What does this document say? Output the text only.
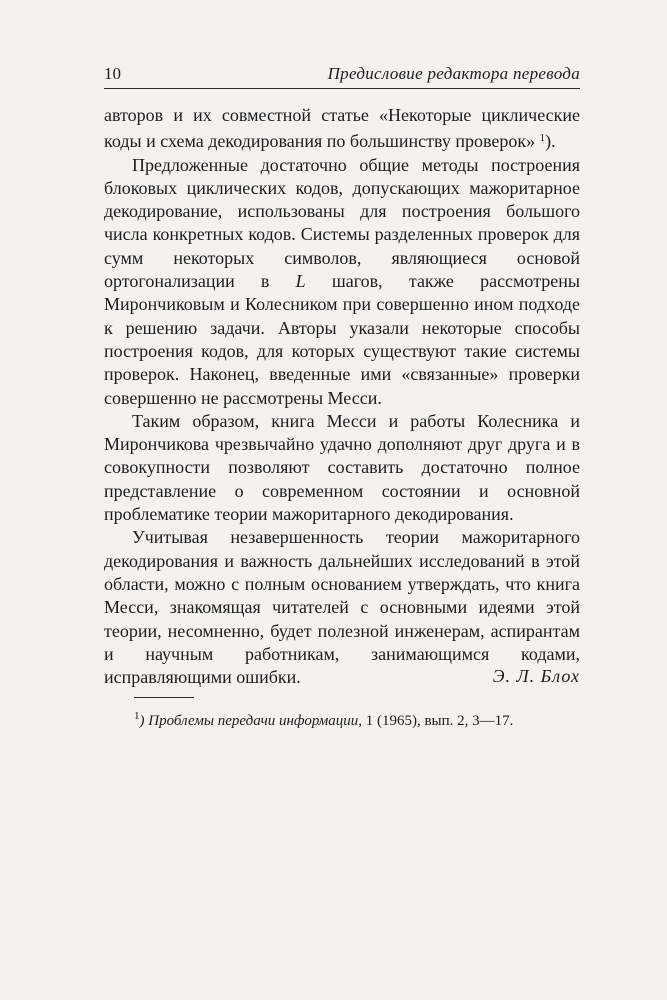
10	Предисловие редактора перевода

авторов и их совместной статье «Некоторые циклические коды и схема декодирования по большинству проверок» $^1$).

Предложенные достаточно общие методы построения блоковых циклических кодов, допускающих мажоритарное декодирование, использованы для построения большого числа конкретных кодов. Системы разделенных проверок для сумм некоторых символов, являющиеся основой ортогонализации в L шагов, также рассмотрены Мирончиковым и Колесником при совершенно ином подходе к решению задачи. Авторы указали некоторые способы построения кодов, для которых существуют такие системы проверок. Наконец, введенные ими «связанные» проверки совершенно не рассмотрены Месси.

Таким образом, книга Месси и работы Колесника и Мирончикова чрезвычайно удачно дополняют друг друга и в совокупности позволяют составить достаточно полное представление о современном состоянии и основной проблематике теории мажоритарного декодирования.

Учитывая незавершенность теории мажоритарного декодирования и важность дальнейших исследований в этой области, можно с полным основанием утверждать, что книга Месси, знакомящая читателей с основными идеями этой теории, несомненно, будет полезной инженерам, аспирантам и научным работникам, занимающимся кодами, исправляющими ошибки.	Э. Л. Блох
$^1$) Проблемы передачи информации, 1 (1965), вып. 2, 3—17.
